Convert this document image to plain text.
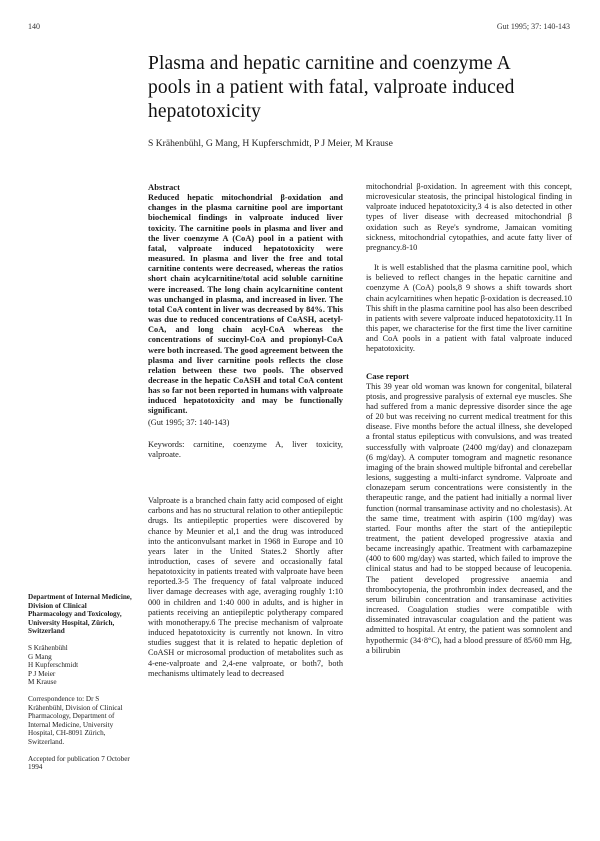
140	Gut 1995; 37: 140-143
Plasma and hepatic carnitine and coenzyme A pools in a patient with fatal, valproate induced hepatotoxicity
S Krähenbühl, G Mang, H Kupferschmidt, P J Meier, M Krause
Abstract

Reduced hepatic mitochondrial β-oxidation and changes in the plasma carnitine pool are important biochemical findings in valproate induced liver toxicity. The carnitine pools in plasma and liver and the liver coenzyme A (CoA) pool in a patient with fatal, valproate induced hepatotoxicity were measured. In plasma and liver the free and total carnitine contents were decreased, whereas the ratios short chain acylcarnitine/total acid soluble carnitine were increased. The long chain acylcarnitine content was unchanged in plasma, and increased in liver. The total CoA content in liver was decreased by 84%. This was due to reduced concentrations of CoASH, acetyl-CoA, and long chain acyl-CoA whereas the concentrations of succinyl-CoA and propionyl-CoA were both increased. The good agreement between the plasma and liver carnitine pools reflects the close relation between these two pools. The observed decrease in the hepatic CoASH and total CoA content has so far not been reported in humans with valproate induced hepatotoxicity and may be functionally significant.

(Gut 1995; 37: 140-143)

Keywords: carnitine, coenzyme A, liver toxicity, valproate.

Valproate is a branched chain fatty acid composed of eight carbons and has no structural relation to other antiepileptic drugs. Its antiepileptic properties were discovered by chance by Meunier et al,1 and the drug was introduced into the anticonvulsant market in 1968 in Europe and 10 years later in the United States.2 Shortly after introduction, cases of severe and occasionally fatal hepatotoxicity in patients treated with valproate have been reported.3-5 The frequency of fatal valproate induced liver damage decreases with age, averaging roughly 1:10 000 in children and 1:40 000 in adults, and is higher in patients receiving an antiepileptic polytherapy compared with monotherapy.6 The precise mechanism of valproate induced hepatotoxicity is currently not known. In vitro studies suggest that it is related to hepatic depletion of CoASH or microsomal production of metabolites such as 4-ene-valproate and 2,4-ene valproate, or both7, both mechanisms ultimately lead to decreased

mitochondrial β-oxidation. In agreement with this concept, microvesicular steatosis, the principal histological finding in valproate induced hepatotoxicity,3 4 is also detected in other types of liver disease with decreased mitochondrial β oxidation such as Reye's syndrome, Jamaican vomiting sickness, mitochondrial cytopathies, and acute fatty liver of pregnancy.8-10

It is well established that the plasma carnitine pool, which is believed to reflect changes in the hepatic carnitine and coenzyme A (CoA) pools,8 9 shows a shift towards short chain acylcarnitines when hepatic β-oxidation is decreased.10 This shift in the plasma carnitine pool has also been described in patients with severe valproate induced hepatotoxicity.11 In this paper, we characterise for the first time the liver carnitine and CoA pools in a patient with fatal valproate induced hepatotoxicity.

Case report

This 39 year old woman was known for congenital, bilateral ptosis, and progressive paralysis of external eye muscles. She had suffered from a manic depressive disorder since the age of 20 but was receiving no current medical treatment for this disease. Five months before the actual illness, she developed a frontal status epilepticus with convulsions, and was treated successfully with valproate (2400 mg/day) and clonazepam (6 mg/day). A computer tomogram and magnetic resonance imaging of the brain showed multiple bifrontal and cerebellar lesions, suggesting a multi-infarct syndrome. Valproate and clonazepam serum concentrations were consistently in the therapeutic range, and the patient had initially a normal liver function (normal transaminase activity and no cholestasis). At the same time, treatment with aspirin (100 mg/day) was started. Four months after the start of the antiepileptic treatment, the patient developed progressive ataxia and became increasingly apathic. Treatment with carbamazepine (400 to 600 mg/day) was started, which failed to improve the clinical status and had to be stopped because of leucopenia. The patient developed progressive anaemia and thrombocytopenia, the prothrombin index decreased, and the serum bilirubin concentration and transaminase activities increased. Coagulation studies were compatible with disseminated intravascular coagulation and the patient was admitted to hospital. At entry, the patient was somnolent and hypothermic (34·8°C), had a blood pressure of 85/60 mm Hg, a bilirubin

Department of Internal Medicine, Division of Clinical Pharmacology and Toxicology, University Hospital, Zürich, Switzerland
S Krähenbühl
G Mang
H Kupferschmidt
P J Meier
M Krause
Correspondence to: Dr S Krähenbühl, Division of Clinical Pharmacology, Department of Internal Medicine, University Hospital, CH-8091 Zürich, Switzerland.
Accepted for publication 7 October 1994
